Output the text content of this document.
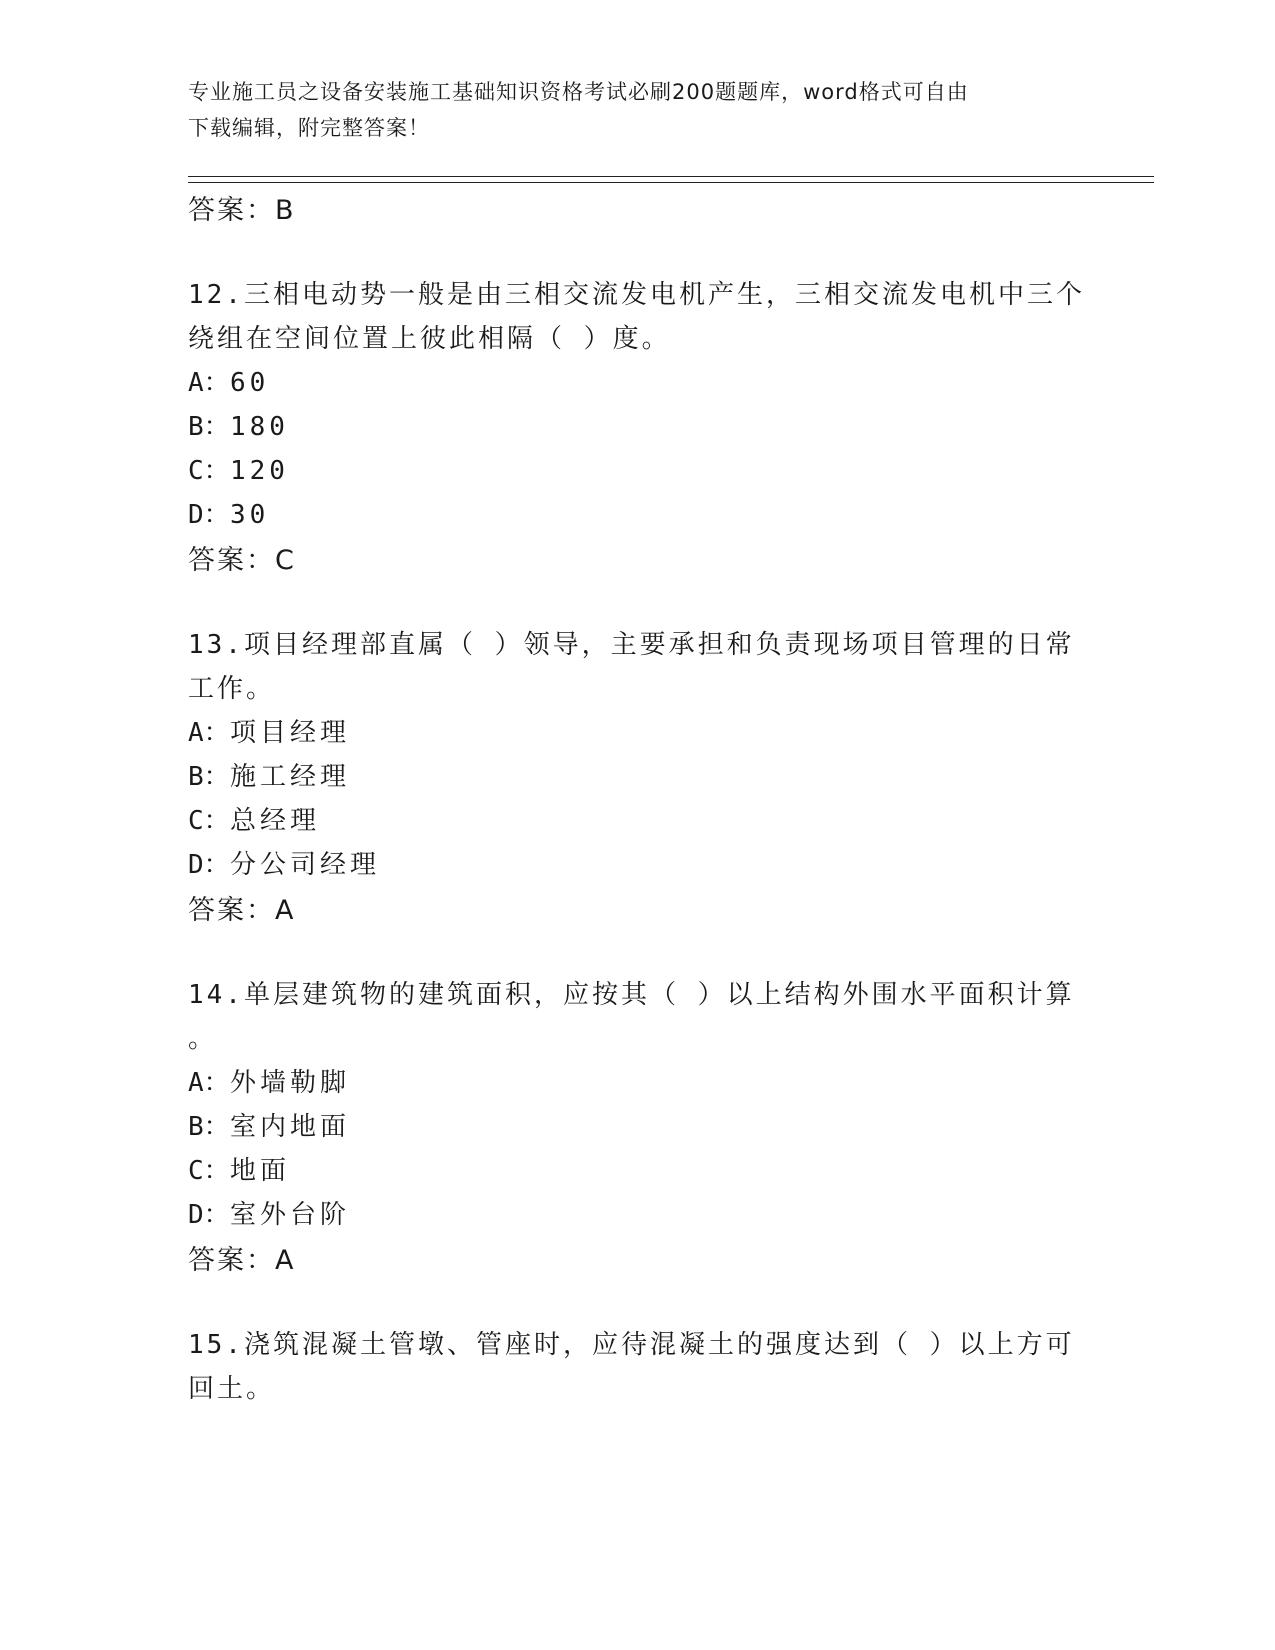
专业施工员之设备安装施工基础知识资格考试必刷200题题库，word格式可自由
下载编辑，附完整答案！
答案：B
12.三相电动势一般是由三相交流发电机产生，三相交流发电机中三个
绕组在空间位置上彼此相隔（ ）度。
A：60
B：180
C：120
D：30
答案：C
13.项目经理部直属（ ）领导，主要承担和负责现场项目管理的日常
工作。
A：项目经理
B：施工经理
C：总经理
D：分公司经理
答案：A
14.单层建筑物的建筑面积，应按其（ ）以上结构外围水平面积计算
。
A：外墙勒脚
B：室内地面
C：地面
D：室外台阶
答案：A
15.浇筑混凝土管墩、管座时，应待混凝土的强度达到（ ）以上方可
回土。
